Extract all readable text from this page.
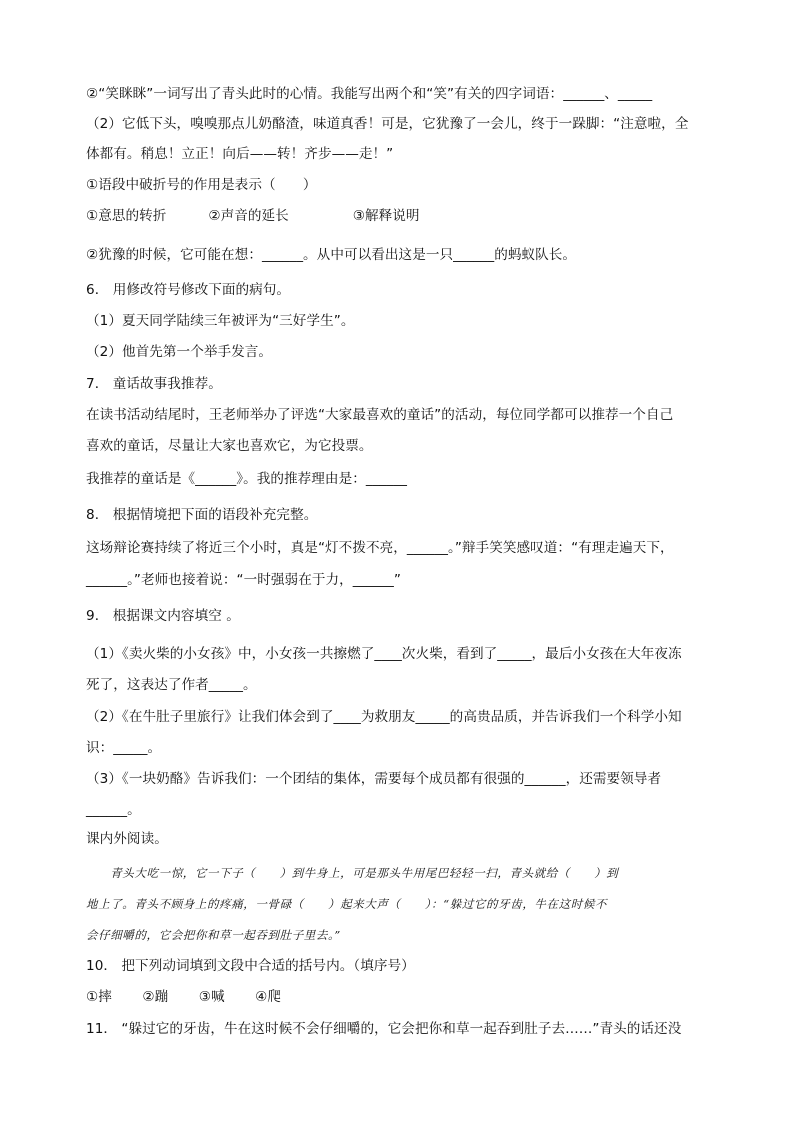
②“笑眯眯”一词写出了青头此时的心情。我能写出两个和“笑”有关的四字词语：______、_____
（2）它低下头，嗅嗅那点儿奶酪渣，味道真香！可是，它犹豫了一会儿，终于一跺脚：“注意啦，全
体都有。稍息！立正！向后——转！齐步——走！”
①语段中破折号的作用是表示（　　）
①意思的转折	②声音的延长	③解释说明
②犹豫的时候，它可能在想：______。从中可以看出这是一只______的蚂蚁队长。
6． 用修改符号修改下面的病句。
（1）夏天同学陆续三年被评为“三好学生”。
（2）他首先第一个举手发言。
7． 童话故事我推荐。
在读书活动结尾时，王老师举办了评选“大家最喜欢的童话”的活动，每位同学都可以推荐一个自己
喜欢的童话，尽量让大家也喜欢它，为它投票。
我推荐的童话是《______》。我的推荐理由是：______
8． 根据情境把下面的语段补充完整。
这场辩论赛持续了将近三个小时，真是“灯不拨不亮，______。”辩手笑笑感叹道：“有理走遍天下，
______。”老师也接着说：“一时强弱在于力，______”
9． 根据课文内容填空 。
（1）《卖火柴的小女孩》中，小女孩一共擦燃了____次火柴，看到了_____，最后小女孩在大年夜冻
死了，这表达了作者_____。
（2）《在牛肚子里旅行》让我们体会到了____为救朋友_____的高贵品质，并告诉我们一个科学小知
识：_____。
（3）《一块奶酪》告诉我们：一个团结的集体，需要每个成员都有很强的______，还需要领导者
______。
课内外阅读。
　　青头大吃一惊，它一下子（　　）到牛身上，可是那头牛用尾巴轻轻一扫，青头就给（　　）到
地上了。青头不顾身上的疼痛，一骨碌（　　）起来大声（　　）：“躲过它的牙齿，牛在这时候不
会仔细嚼的，它会把你和草一起吞到肚子里去。”
10． 把下列动词填到文段中合适的括号内。（填序号）
①摔 ②蹦 ③喊 ④爬
11． “躲过它的牙齿，牛在这时候不会仔细嚼的，它会把你和草一起吞到肚子去……”青头的话还没
